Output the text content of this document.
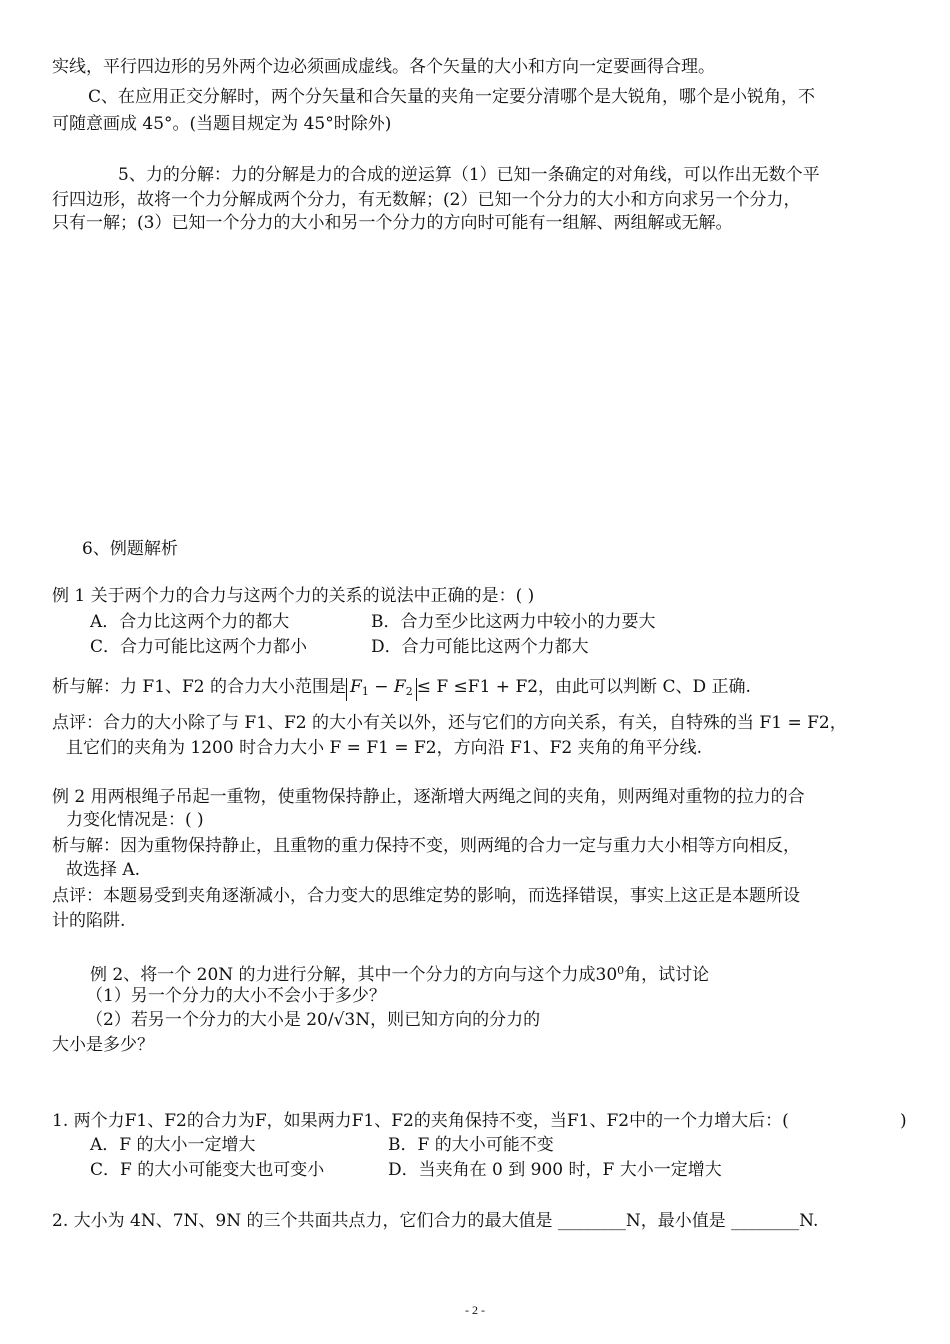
实线，平行四边形的另外两个边必须画成虚线。各个矢量的大小和方向一定要画得合理。
C、在应用正交分解时，两个分矢量和合矢量的夹角一定要分清哪个是大锐角，哪个是小锐角，不
可随意画成 45°。(当题目规定为 45°时除外)
5、力的分解：力的分解是力的合成的逆运算（1）已知一条确定的对角线，可以作出无数个平
行四边形，故将一个力分解成两个分力，有无数解；(2）已知一个分力的大小和方向求另一个分力，
只有一解；(3）已知一个分力的大小和另一个分力的方向时可能有一组解、两组解或无解。
6、例题解析
例 1 关于两个力的合力与这两个力的关系的说法中正确的是：( )
A．合力比这两个力的都大	B．合力至少比这两力中较小的力要大
C．合力可能比这两个力都小	D．合力可能比这两个力都大
析与解：力 F1、F2 的合力大小范围是 $F_1 - F_2 \le F \le F1 + F2$，由此可以判断 C、D 正确.
点评：合力的大小除了与 F1、F2 的大小有关以外，还与它们的方向关系，有关，自特殊的当 F1 = F2，
且它们的夹角为 1200 时合力大小 F = F1 = F2，方向沿 F1、F2 夹角的角平分线.
例 2 用两根绳子吊起一重物，使重物保持静止，逐渐增大两绳之间的夹角，则两绳对重物的拉力的合
力变化情况是：( )
析与解：因为重物保持静止，且重物的重力保持不变，则两绳的合力一定与重力大小相等方向相反，
故选择 A.
点评：本题易受到夹角逐渐减小，合力变大的思维定势的影响，而选择错误，事实上这正是本题所设
计的陷阱.
例 2、将一个 20N 的力进行分解，其中一个分力的方向与这个力成$30^0$角，试讨论
（1）另一个分力的大小不会小于多少？
（2）若另一个分力的大小是 20/√3N，则已知方向的分力的
大小是多少？
1. 两个力F1、F2的合力为F，如果两力F1、F2的夹角保持不变，当F1、F2中的一个力增大后：(	)
A．F 的大小一定增大	B．F 的大小可能不变
C．F 的大小可能变大也可变小	D．当夹角在 0 到 900 时，F 大小一定增大
2. 大小为 4N、7N、9N 的三个共面共点力，它们合力的最大值是 ________N，最小值是 ________N.
- 2 -
